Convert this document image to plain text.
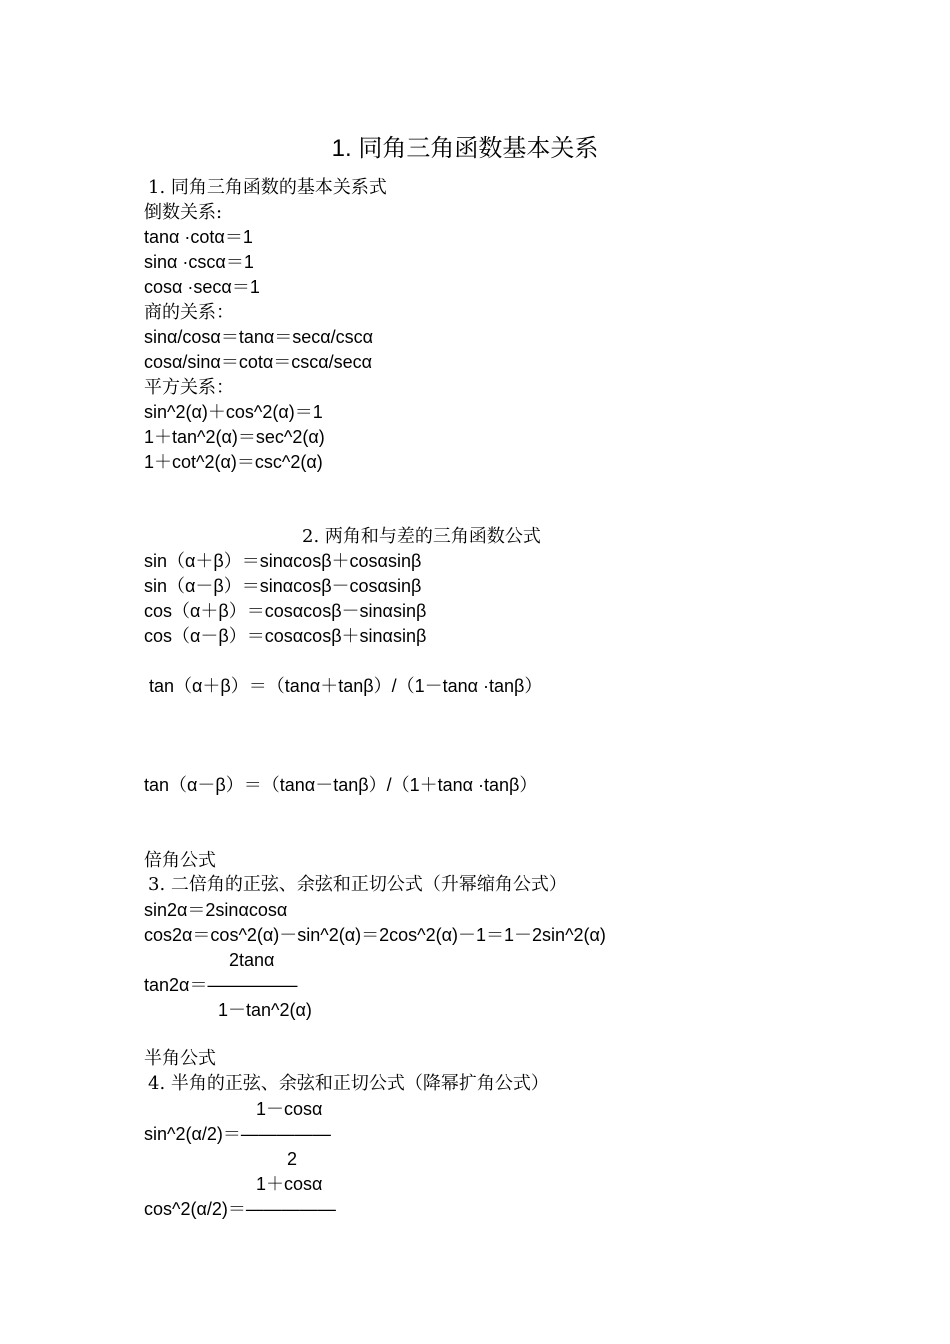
1. 同角三角函数基本关系
1. 同角三角函数的基本关系式
倒数关系:
tanα ·cotα＝1
sinα ·cscα＝1
cosα ·secα＝1
商的关系：
sinα/cosα＝tanα＝secα/cscα
cosα/sinα＝cotα＝cscα/secα
平方关系：
sin^2(α)＋cos^2(α)＝1
1＋tan^2(α)＝sec^2(α)
1＋cot^2(α)＝csc^2(α)
2. 两角和与差的三角函数公式
sin（α＋β）＝sinαcosβ＋cosαsinβ
sin（α－β）＝sinαcosβ－cosαsinβ
cos（α＋β）＝cosαcosβ－sinαsinβ
cos（α－β）＝cosαcosβ＋sinαsinβ
tan（α＋β）＝（tanα＋tanβ）/（1－tanα ·tanβ）
tan（α－β）＝（tanα－tanβ）/（1＋tanα ·tanβ）
倍角公式
3. 二倍角的正弦、余弦和正切公式（升幂缩角公式）
sin2α＝2sinαcosα
cos2α＝cos^2(α)－sin^2(α)＝2cos^2(α)－1＝1－2sin^2(α)
2tanα
tan2α＝—————
1－tan^2(α)
半角公式
4. 半角的正弦、余弦和正切公式（降幂扩角公式）
1－cosα
sin^2(α/2)＝—————
2
1＋cosα
cos^2(α/2)＝—————
